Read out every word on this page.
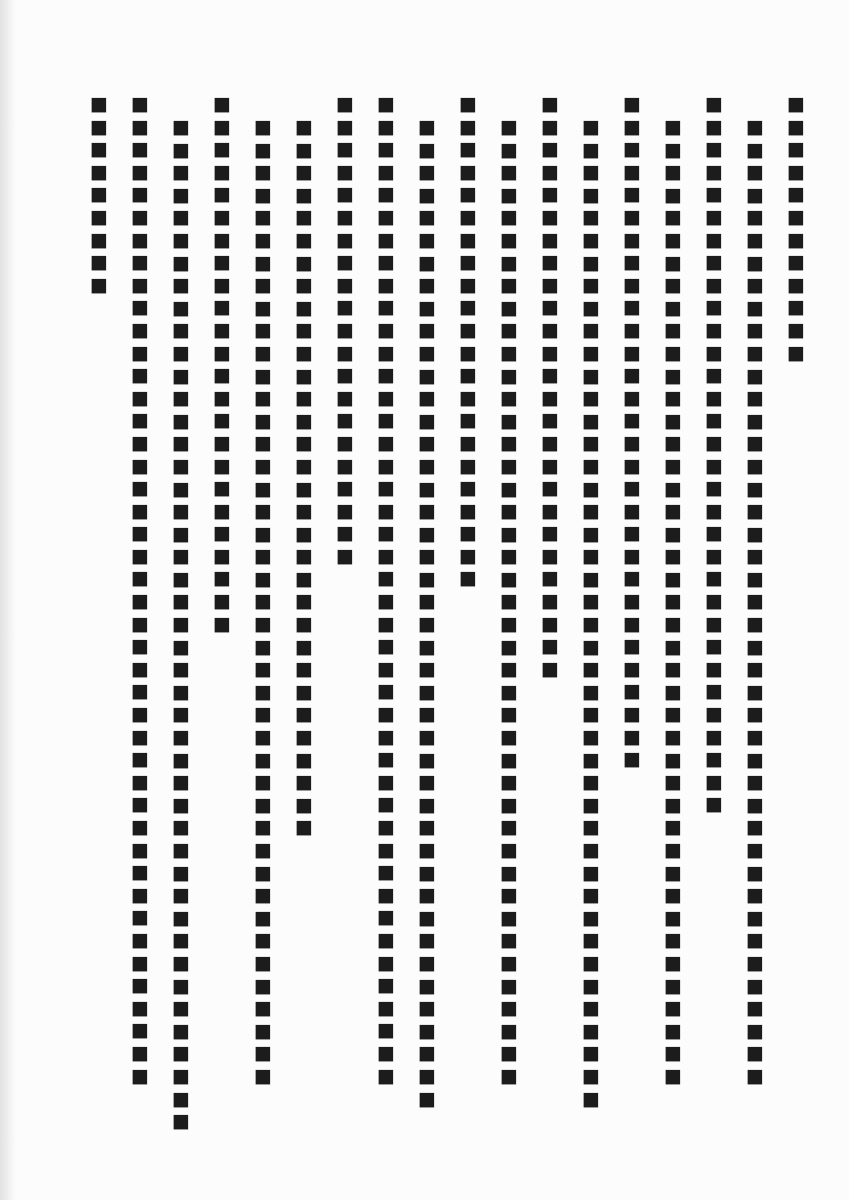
■
■
■
■
■
■
■
■
■
■
■
■
■
■
■
■
■
■
■
■
■
■
■
■
■
■
■
■
■
■
■
■
■
■
■
■
■
■
■
■
■
■
■
■
■
■
■
■
■
■
■
■
■
■
■
■
■
■
■
■
■
■
■
■
■
■
■
■
■
■
■
■
■
■
■
■
■
■
■
■
■
■
■
■
■
■
■
■
■
■
■
■
■
■
■
■
■
■
■
■
■
■
■
■
■
■
■
■
■
■
■
■
■
■
■
■
■
■
■
■
■
■
■
■
■
■
■
■
■
■
■
■
■
■
■
■
■
■
■
■
■
■
■
■
■
■
■
■
■
■
■
■
■
■
■
■
■
■
■
■
■
■
■
■
■
■
■
■
■
■
■
■
■
■
■
■
■
■
■
■
■
■
■
■
■
■
■
■
■
■
■
■
■
■
■
■
■
■
■
■
■
■
■
■
■
■
■
■
■
■
■
■
■
■
■
■
■
■
■
■
■
■
■
■
■
■
■
■
■
■
■
■
■
■
■
■
■
■
■
■
■
■
■
■
■
■
■
■
■
■
■
■
■
■
■
■
■
■
■
■
■
■
■
■
■
■
■
■
■
■
■
■
■
■
■
■
■
■
■
■
■
■
■
■
■
■
■
■
■
■
■
■
■
■
■
■
■
■
■
■
■
■
■
■
■
■
■
■
■
■
■
■
■
■
■
■
■
■
■
■
■
■
■
■
■
■
■
■
■
■
■
■
■
■
■
■
■
■
■
■
■
■
■
■
■
■
■
■
■
■
■
■
■
■
■
■
■
■
■
■
■
■
■
■
■
■
■
■
■
■
■
■
■
■
■
■
■
■
■
■
■
■
■
■
■
■
■
■
■
■
■
■
■
■
■
■
■
■
■
■
■
■
■
■
■
■
■
■
■
■
■
■
■
■
■
■
■
■
■
■
■
■
■
■
■
■
■
■
■
■
■
■
■
■
■
■
■
■
■
■
■
■
■
■
■
■
■
■
■
■
■
■
■
■
■
■
■
■
■
■
■
■
■
■
■
■
■
■
■
■
■
■
■
■
■
■
■
■
■
■
■
■
■
■
■
■
■
■
■
■
■
■
■
■
■
■
■
■
■
■
■
■
■
■
■
■
■
■
■
■
■
■
■
■
■
■
■
■
■
■
■
■
■
■
■
■
■
■
■
■
■
■
■
■
■
■
■
■
■
■
■
■
■
■
■
■
■
■
■
■
■
■
■
■
■
■
■
■
■
■
■
■
■
■
■
■
■
■
■
■
■
■
■
■
■
■
■
■
■
■
■
■
■
■
■
■
■
■
■
■
■
■
■
■
■
■
■
■
■
■
■
